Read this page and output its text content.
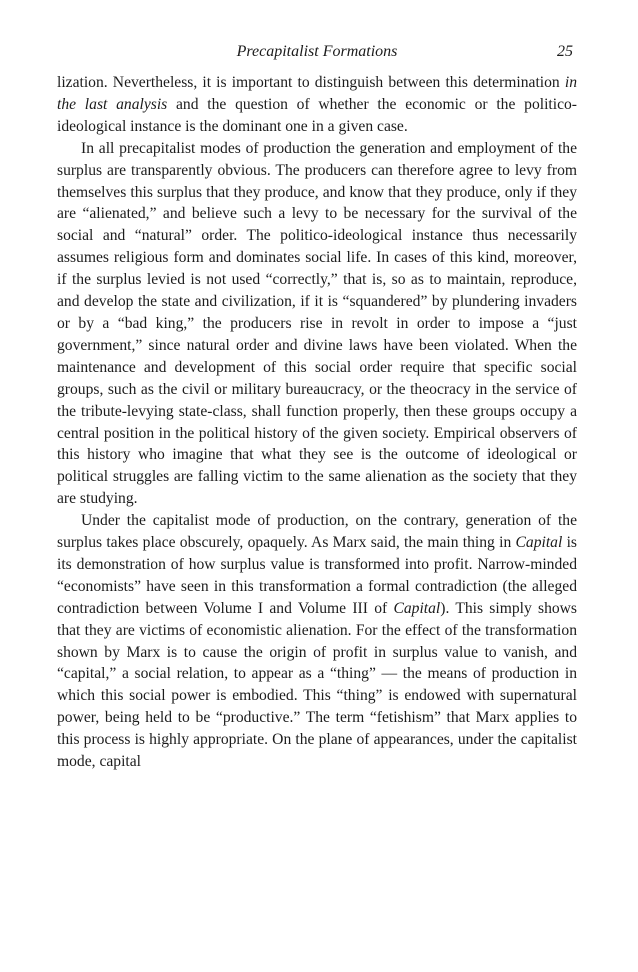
Precapitalist Formations	25

lization. Nevertheless, it is important to distinguish between this determination in the last analysis and the question of whether the economic or the politico-ideological instance is the dominant one in a given case.

In all precapitalist modes of production the generation and employment of the surplus are transparently obvious. The producers can therefore agree to levy from themselves this surplus that they produce, and know that they produce, only if they are “alienated,” and believe such a levy to be necessary for the survival of the social and “natural” order. The politico-ideological instance thus necessarily assumes religious form and dominates social life. In cases of this kind, moreover, if the surplus levied is not used “correctly,” that is, so as to maintain, reproduce, and develop the state and civilization, if it is “squandered” by plundering invaders or by a “bad king,” the producers rise in revolt in order to impose a “just government,” since natural order and divine laws have been violated. When the maintenance and development of this social order require that specific social groups, such as the civil or military bureaucracy, or the theocracy in the service of the tribute-levying state-class, shall function properly, then these groups occupy a central position in the political history of the given society. Empirical observers of this history who imagine that what they see is the outcome of ideological or political struggles are falling victim to the same alienation as the society that they are studying.

Under the capitalist mode of production, on the contrary, generation of the surplus takes place obscurely, opaquely. As Marx said, the main thing in Capital is its demonstration of how surplus value is transformed into profit. Narrow-minded “economists” have seen in this transformation a formal contradiction (the alleged contradiction between Volume I and Volume III of Capital). This simply shows that they are victims of economistic alienation. For the effect of the transformation shown by Marx is to cause the origin of profit in surplus value to vanish, and “capital,” a social relation, to appear as a “thing” — the means of production in which this social power is embodied. This “thing” is endowed with supernatural power, being held to be “productive.” The term “fetishism” that Marx applies to this process is highly appropriate. On the plane of appearances, under the capitalist mode, capital
